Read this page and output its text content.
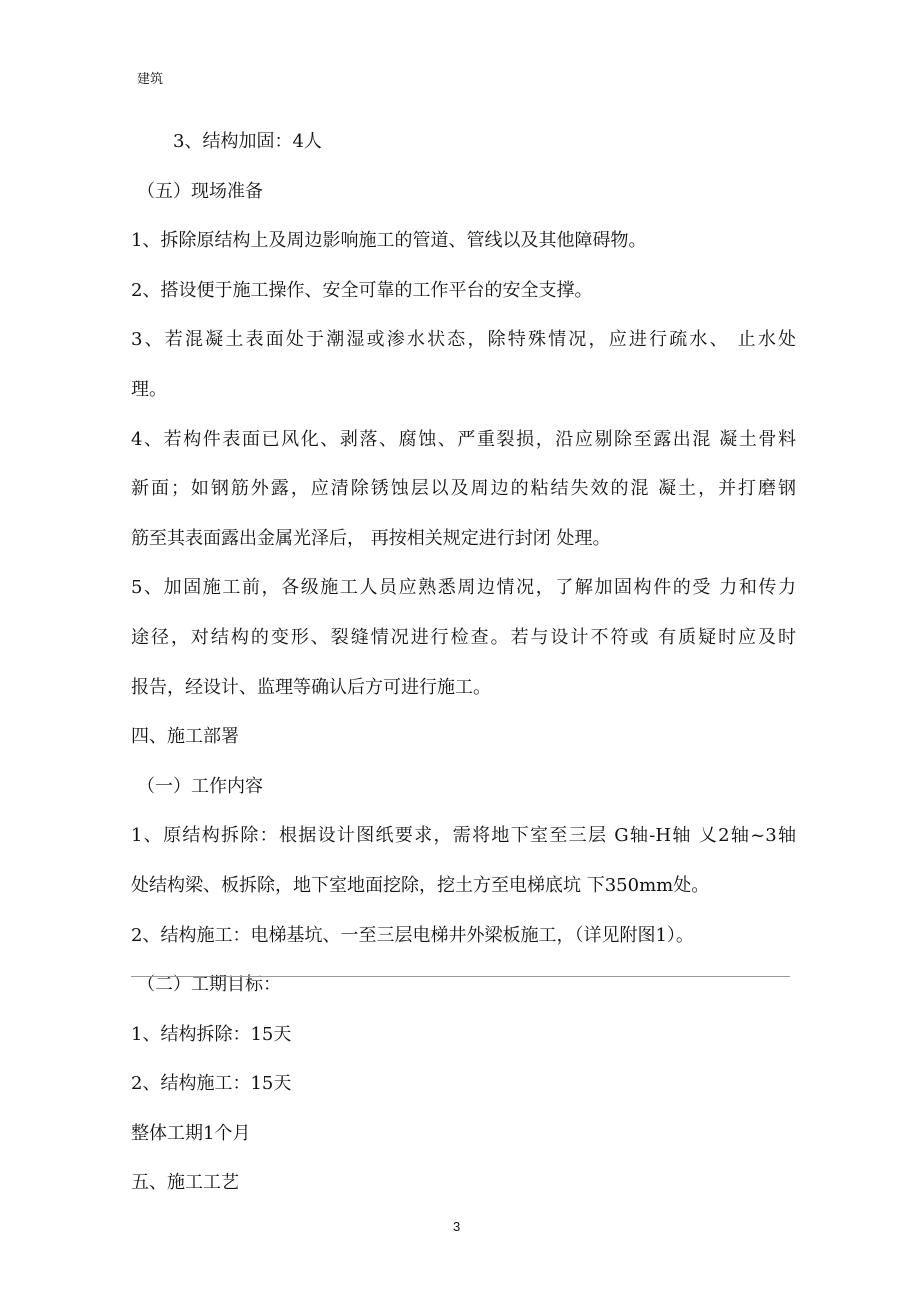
建筑
3、结构加固：4人
（五）现场准备
1、拆除原结构上及周边影响施工的管道、管线以及其他障碍物。
2、搭设便于施工操作、安全可靠的工作平台的安全支撑。
3、若混凝土表面处于潮湿或渗水状态，除特殊情况，应进行疏水、 止水处
理。
4、若构件表面已风化、剥落、腐蚀、严重裂损，沿应剔除至露出混 凝土骨料
新面；如钢筋外露，应清除锈蚀层以及周边的粘结失效的混 凝土，并打磨钢
筋至其表面露出金属光泽后， 再按相关规定进行封闭 处理。
5、加固施工前，各级施工人员应熟悉周边情况，了解加固构件的受 力和传力
途径，对结构的变形、裂缝情况进行检查。若与设计不符或 有质疑时应及时
报告，经设计、监理等确认后方可进行施工。
四、施工部署
（一）工作内容
1、原结构拆除：根据设计图纸要求，需将地下室至三层 G轴-H轴 乂2轴~3轴
处结构梁、板拆除，地下室地面挖除，挖土方至电梯底坑 下350mm处。
2、结构施工：电梯基坑、一至三层电梯井外梁板施工，（详见附图1）。
（二）工期目标：
1、结构拆除：15天
2、结构施工：15天
整体工期1个月
五、施工工艺
3
